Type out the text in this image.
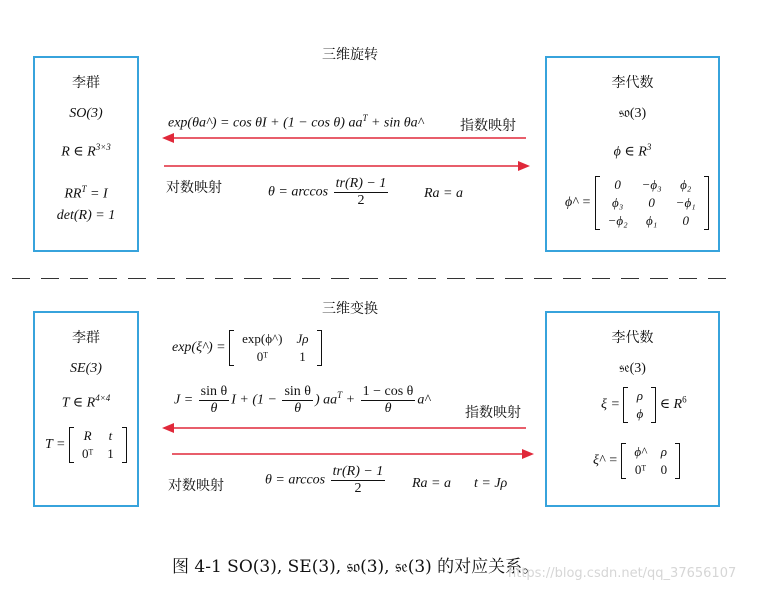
三维旋转
李群
SO(3)
R ∈ $R^{3\times 3}$
$RR^T = I$
det(R) = 1
李代数
𝔰𝔬(3)
ϕ ∈ $R^3$
ϕ^ =
0	−ϕ₃	ϕ₂
ϕ₃	0	−ϕ₁
−ϕ₂	ϕ₁	0
exp(θa^) = cos θI + (1 − cos θ) $aa^T + \sin$ θa^	指数映射
对数映射	$\theta = \arccos \frac{tr(R) - 1}{2}$	Ra = a
三维变换
李群
SE(3)
T ∈ $R^{4\times 4}$
T =
R	t
0ᵀ	1
李代数
𝔰𝔢(3)
ξ =
ρ
ϕ
∈ $R^6$
ξ^ =
ϕ^	ρ
0ᵀ	0
exp(ξ^) =
exp(ϕ^)	Jρ
0ᵀ	1
$J = \frac{\text{sin θ}}{\theta}$ $I + (1 - \frac{\text{sin θ}}{\theta}$ ) $aa^T + \frac{\text{1 − cos θ}}{\theta}$ a^
指数映射
对数映射	$\theta = \arccos \frac{tr(R) - 1}{2}$ Ra = a t = Jρ
图 4-1 SO(3), SE(3), 𝔰𝔬(3), 𝔰𝔢(3) 的对应关系。
https://blog.csdn.net/qq_37656107
